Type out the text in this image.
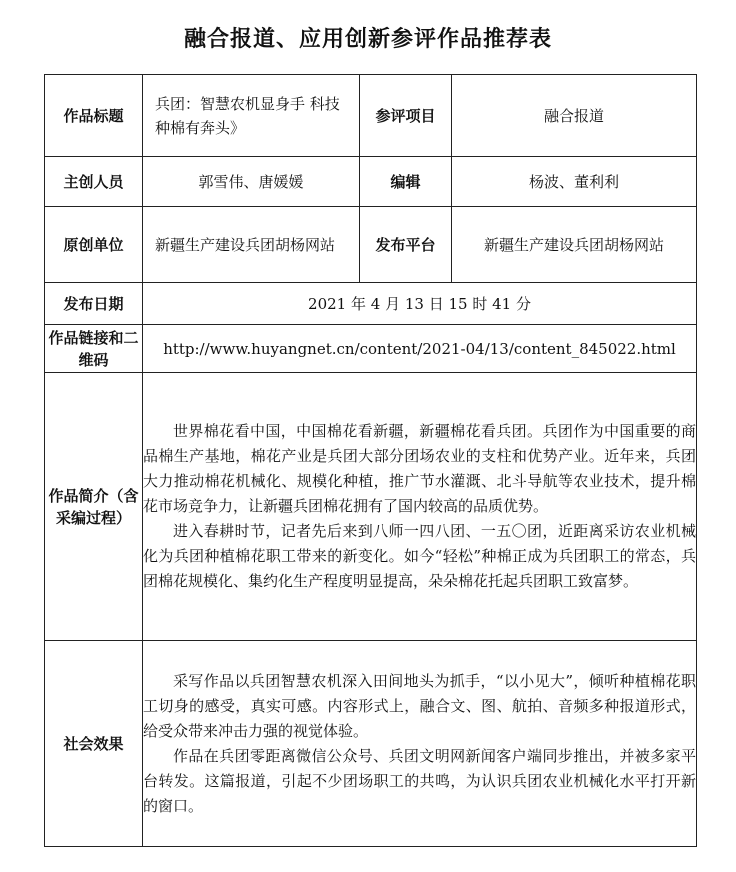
融合报道、应用创新参评作品推荐表
作品标题	兵团：智慧农机显身手 科技种棉有奔头》	参评项目	融合报道
主创人员	郭雪伟、唐媛媛	编辑	杨波、董利利
原创单位	新疆生产建设兵团胡杨网站	发布平台	新疆生产建设兵团胡杨网站
发布日期	2021 年 4 月 13 日 15 时 41 分		
作品链接和二维码	http://www.huyangnet.cn/content/2021-04/13/content_845022.html		
作品简介（含采编过程）	世界棉花看中国，中国棉花看新疆，新疆棉花看兵团。兵团作为中国重要的商品棉生产基地，棉花产业是兵团大部分团场农业的支柱和优势产业。近年来，兵团大力推动棉花机械化、规模化种植，推广节水灌溉、北斗导航等农业技术，提升棉花市场竞争力，让新疆兵团棉花拥有了国内较高的品质优势。

进入春耕时节，记者先后来到八师一四八团、一五〇团，近距离采访农业机械化为兵团种植棉花职工带来的新变化。如今“轻松”种棉正成为兵团职工的常态，兵团棉花规模化、集约化生产程度明显提高，朵朵棉花托起兵团职工致富梦。		

社会效果	采写作品以兵团智慧农机深入田间地头为抓手，“以小见大”，倾听种植棉花职工切身的感受，真实可感。内容形式上，融合文、图、航拍、音频多种报道形式，给受众带来冲击力强的视觉体验。

作品在兵团零距离微信公众号、兵团文明网新闻客户端同步推出，并被多家平台转发。这篇报道，引起不少团场职工的共鸣，为认识兵团农业机械化水平打开新的窗口。		
